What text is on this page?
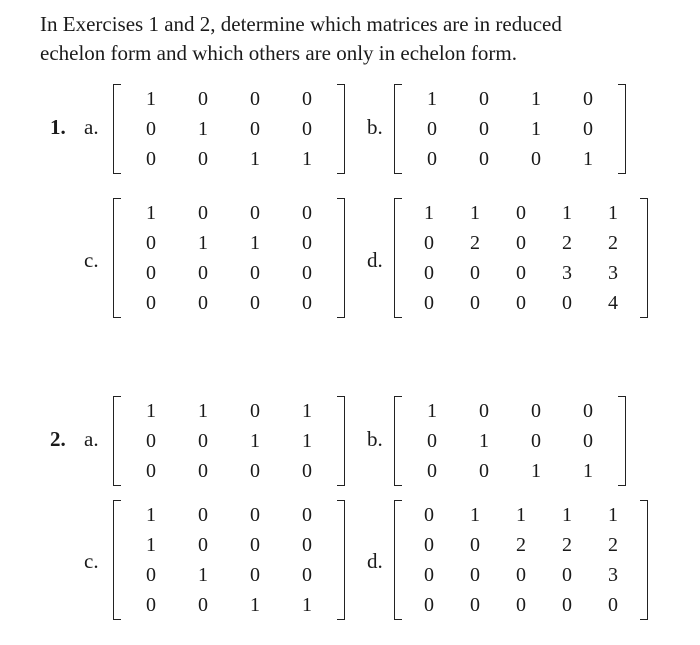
In Exercises 1 and 2, determine which matrices are in reduced
echelon form and which others are only in echelon form.
1. a.
1	0	0	0
0	1	0	0
0	0	1	1
b.
1	0	1	0
0	0	1	0
0	0	0	1
c.
1	0	0	0
0	1	1	0
0	0	0	0
0	0	0	0
d.
1	1	0	1	1
0	2	0	2	2
0	0	0	3	3
0	0	0	0	4
2. a.
1	1	0	1
0	0	1	1
0	0	0	0
b.
1	0	0	0
0	1	0	0
0	0	1	1
c.
1	0	0	0
1	0	0	0
0	1	0	0
0	0	1	1
d.
0	1	1	1	1
0	0	2	2	2
0	0	0	0	3
0	0	0	0	0
